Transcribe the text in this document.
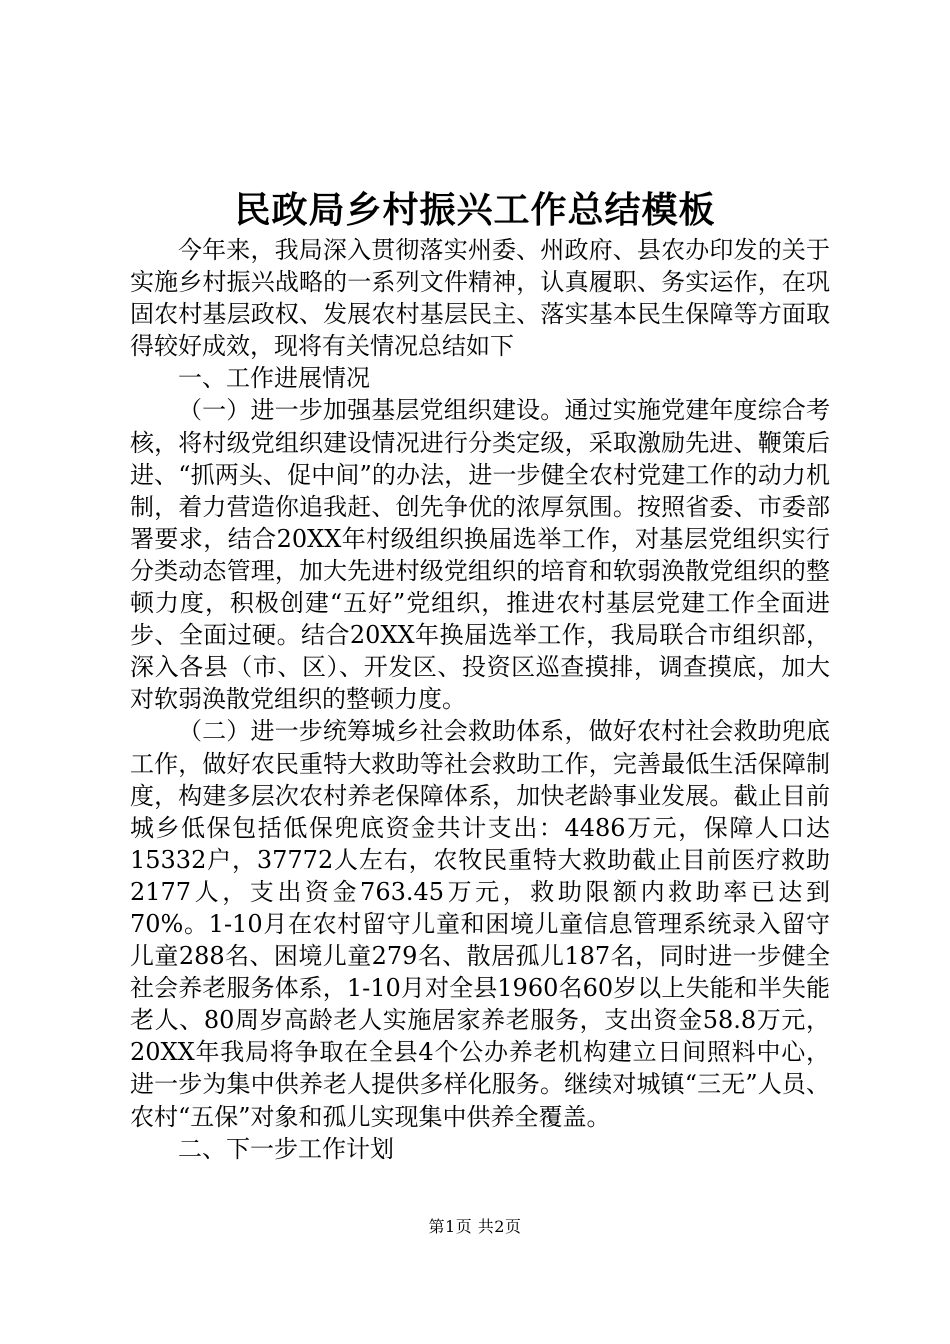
民政局乡村振兴工作总结模板

今年来，我局深入贯彻落实州委、州政府、县农办印发的关于实施乡村振兴战略的一系列文件精神，认真履职、务实运作，在巩固农村基层政权、发展农村基层民主、落实基本民生保障等方面取得较好成效，现将有关情况总结如下

一、工作进展情况

（一）进一步加强基层党组织建设。通过实施党建年度综合考核，将村级党组织建设情况进行分类定级，采取激励先进、鞭策后进、“抓两头、促中间”的办法，进一步健全农村党建工作的动力机制，着力营造你追我赶、创先争优的浓厚氛围。按照省委、市委部署要求，结合20XX年村级组织换届选举工作，对基层党组织实行分类动态管理，加大先进村级党组织的培育和软弱涣散党组织的整顿力度，积极创建“五好”党组织，推进农村基层党建工作全面进步、全面过硬。结合20XX年换届选举工作，我局联合市组织部，深入各县（市、区）、开发区、投资区巡查摸排，调查摸底，加大对软弱涣散党组织的整顿力度。

（二）进一步统筹城乡社会救助体系，做好农村社会救助兜底工作，做好农民重特大救助等社会救助工作，完善最低生活保障制度，构建多层次农村养老保障体系，加快老龄事业发展。截止目前城乡低保包括低保兜底资金共计支出：4486万元，保障人口达15332户，37772人左右，农牧民重特大救助截止目前医疗救助2177人，支出资金763.45万元，救助限额内救助率已达到70%。1-10月在农村留守儿童和困境儿童信息管理系统录入留守儿童288名、困境儿童279名、散居孤儿187名，同时进一步健全社会养老服务体系，1-10月对全县1960名60岁以上失能和半失能老人、80周岁高龄老人实施居家养老服务，支出资金58.8万元，20XX年我局将争取在全县4个公办养老机构建立日间照料中心，进一步为集中供养老人提供多样化服务。继续对城镇“三无”人员、农村“五保”对象和孤儿实现集中供养全覆盖。

二、下一步工作计划

第1页 共2页
